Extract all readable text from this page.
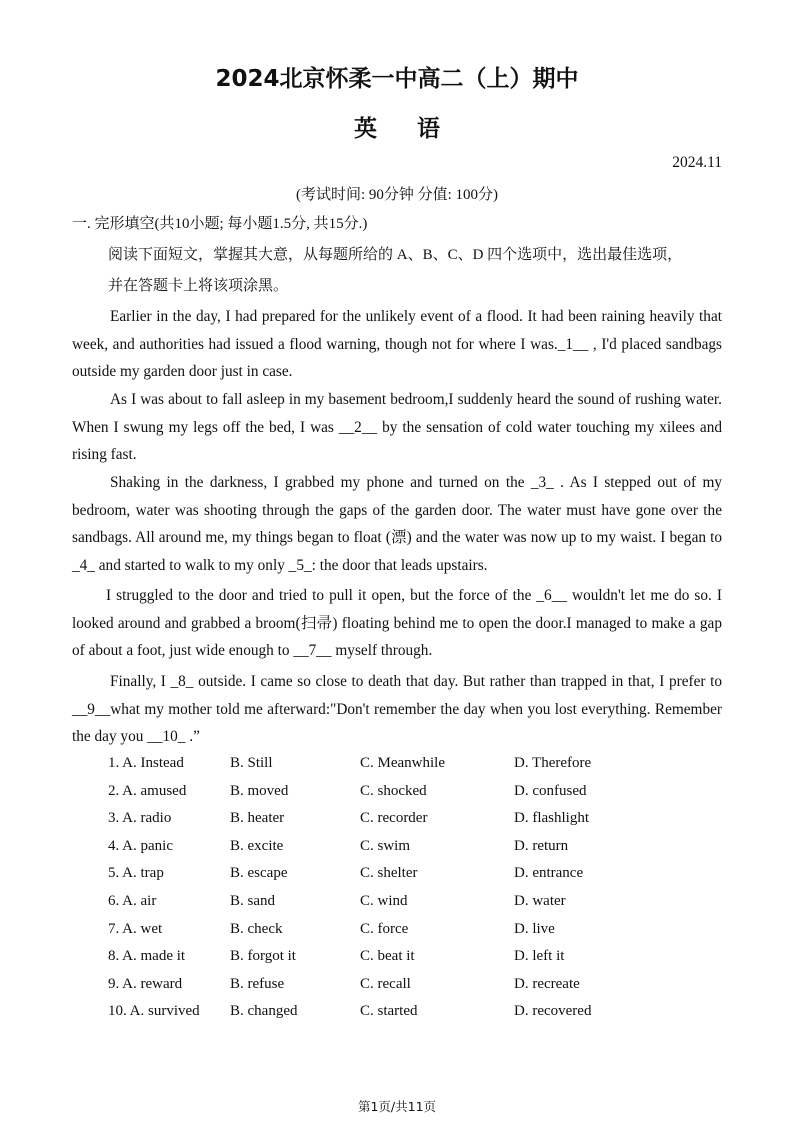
2024北京怀柔一中高二（上）期中
英语
2024.11
(考试时间: 90分钟 分值: 100分)
一. 完形填空(共10小题; 每小题1.5分, 共15分.)
阅读下面短文，掌握其大意，从每题所给的 A、B、C、D 四个选项中，选出最佳选项，
并在答题卡上将该项涂黑。

Earlier in the day, I had prepared for the unlikely event of a flood. It had been raining heavily that week, and authorities had issued a flood warning, though not for where I was._1__ , I'd placed sandbags outside my garden door just in case.

As I was about to fall asleep in my basement bedroom,I suddenly heard the sound of rushing water. When I swung my legs off the bed, I was __2__ by the sensation of cold water touching my xilees and rising fast.

Shaking in the darkness, I grabbed my phone and turned on the _3_ . As I stepped out of my bedroom, water was shooting through the gaps of the garden door. The water must have gone over the sandbags. All around me, my things began to float (漂) and the water was now up to my waist. I began to _4_ and started to walk to my only _5_: the door that leads upstairs.

I struggled to the door and tried to pull it open, but the force of the _6__ wouldn't let me do so. I looked around and grabbed a broom(扫帚) floating behind me to open the door.I managed to make a gap of about a foot, just wide enough to __7__ myself through.

Finally, I _8_ outside. I came so close to death that day. But rather than trapped in that, I prefer to __9__what my mother told me afterward:"Don't remember the day when you lost everything. Remember the day you __10_ .”

1. A. Instead	B. Still	C. Meanwhile	D. Therefore
2. A. amused	B. moved	C. shocked	D. confused
3. A. radio	B. heater	C. recorder	D. flashlight
4. A. panic	B. excite	C. swim	D. return
5. A. trap	B. escape	C. shelter	D. entrance
6. A. air	B. sand	C. wind	D. water
7. A. wet	B. check	C. force	D. live
8. A. made it	B. forgot it	C. beat it	D. left it
9. A. reward	B. refuse	C. recall	D. recreate
10. A. survived B. changed	C. started	D. recovered
第1页/共11页
